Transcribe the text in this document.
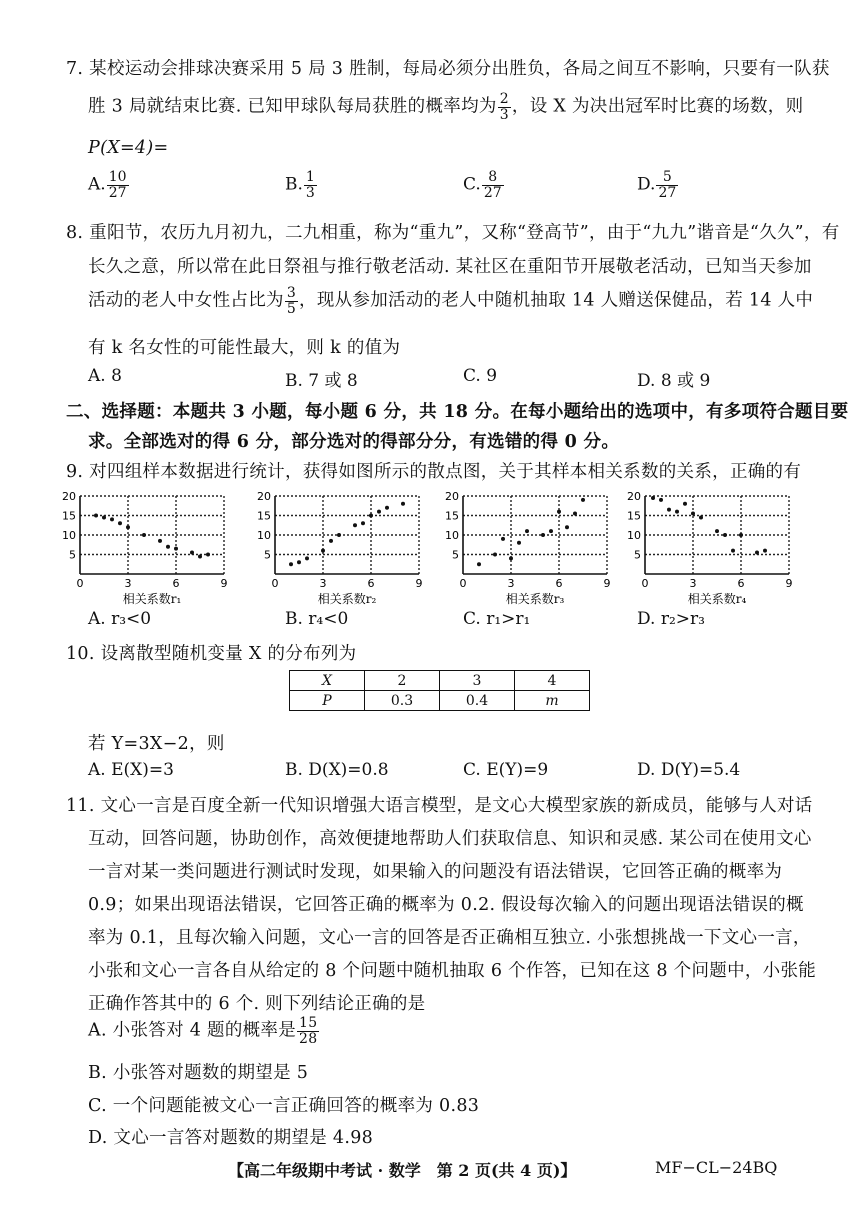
7. 某校运动会排球决赛采用 5 局 3 胜制，每局必须分出胜负，各局之间互不影响，只要有一队获
胜 3 局就结束比赛. 已知甲球队每局获胜的概率均为 $\frac{2}{3}$ ，设 X 为决出冠军时比赛的场数，则
P(X=4)=
A. $\frac{10}{27}$	B. $\frac{1}{3}$	C. $\frac{8}{27}$	D. $\frac{5}{27}$
8. 重阳节，农历九月初九，二九相重，称为“重九”，又称“登高节”，由于“九九”谐音是“久久”，有
长久之意，所以常在此日祭祖与推行敬老活动. 某社区在重阳节开展敬老活动，已知当天参加
活动的老人中女性占比为 $\frac{3}{5}$ ，现从参加活动的老人中随机抽取 14 人赠送保健品，若 14 人中
有 k 名女性的可能性最大，则 k 的值为
A. 8	B. 7 或 8	C. 9	D. 8 或 9
二、选择题：本题共 3 小题，每小题 6 分，共 18 分。在每小题给出的选项中，有多项符合题目要
求。全部选对的得 6 分，部分选对的得部分分，有选错的得 0 分。
9. 对四组样本数据进行统计，获得如图所示的散点图，关于其样本相关系数的关系，正确的有
0	3	6	9
5
10
15
20
相关系数r₁
0	3	6	9
5
10
15
20
相关系数r₂
0	3	6	9
5
10
15
20
相关系数r₃
0	3	6	9
5
10
15
20
相关系数r₄
A. r₃<0	B. r₄<0	C. r₁>r₁	D. r₂>r₃
10. 设离散型随机变量 X 的分布列为
X	2	3	4
P	0.3	0.4	m
若 Y=3X−2，则
A. E(X)=3	B. D(X)=0.8	C. E(Y)=9	D. D(Y)=5.4
11. 文心一言是百度全新一代知识增强大语言模型，是文心大模型家族的新成员，能够与人对话
互动，回答问题，协助创作，高效便捷地帮助人们获取信息、知识和灵感. 某公司在使用文心
一言对某一类问题进行测试时发现，如果输入的问题没有语法错误，它回答正确的概率为
0.9；如果出现语法错误，它回答正确的概率为 0.2. 假设每次输入的问题出现语法错误的概
率为 0.1，且每次输入问题，文心一言的回答是否正确相互独立. 小张想挑战一下文心一言，
小张和文心一言各自从给定的 8 个问题中随机抽取 6 个作答，已知在这 8 个问题中，小张能
正确作答其中的 6 个. 则下列结论正确的是
A. 小张答对 4 题的概率是 $\frac{15}{28}$
B. 小张答对题数的期望是 5
C. 一个问题能被文心一言正确回答的概率为 0.83
D. 文心一言答对题数的期望是 4.98
【高二年级期中考试 · 数学　第 2 页(共 4 页)】	MF−CL−24BQ
